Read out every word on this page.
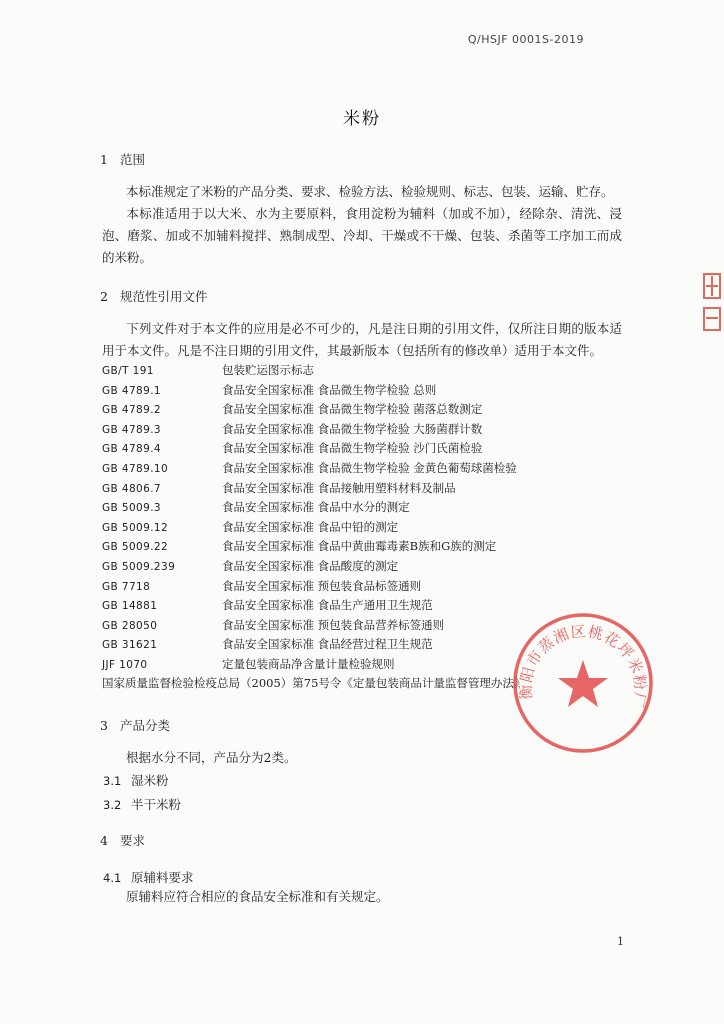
Q/HSJF 0001S-2019
米粉
1 范围
本标准规定了米粉的产品分类、要求、检验方法、检验规则、标志、包装、运输、贮存。
本标准适用于以大米、水为主要原料，食用淀粉为辅料（加或不加），经除杂、清洗、浸泡、磨浆、加或不加辅料搅拌、熟制成型、冷却、干燥或不干燥、包装、杀菌等工序加工而成的米粉。
2 规范性引用文件
下列文件对于本文件的应用是必不可少的，凡是注日期的引用文件，仅所注日期的版本适用于本文件。凡是不注日期的引用文件，其最新版本（包括所有的修改单）适用于本文件。
GB/T 191	包装贮运图示标志
GB 4789.1	食品安全国家标准 食品微生物学检验 总则
GB 4789.2	食品安全国家标准 食品微生物学检验 菌落总数测定
GB 4789.3	食品安全国家标准 食品微生物学检验 大肠菌群计数
GB 4789.4	食品安全国家标准 食品微生物学检验 沙门氏菌检验
GB 4789.10	食品安全国家标准 食品微生物学检验 金黄色葡萄球菌检验
GB 4806.7	食品安全国家标准 食品接触用塑料材料及制品
GB 5009.3	食品安全国家标准 食品中水分的测定
GB 5009.12	食品安全国家标准 食品中铅的测定
GB 5009.22	食品安全国家标准 食品中黄曲霉毒素B族和G族的测定
GB 5009.239	食品安全国家标准 食品酸度的测定
GB 7718	食品安全国家标准 预包装食品标签通则
GB 14881	食品安全国家标准 食品生产通用卫生规范
GB 28050	食品安全国家标准 预包装食品营养标签通则
GB 31621	食品安全国家标准 食品经营过程卫生规范
JJF 1070	定量包装商品净含量计量检验规则
国家质量监督检验检疫总局（2005）第75号令《定量包装商品计量监督管理办法》
3 产品分类
根据水分不同，产品分为2类。
3.1 湿米粉
3.2 半干米粉
4 要求
4.1 原辅料要求
原辅料应符合相应的食品安全标准和有关规定。
1
衡阳市蒸湘区桃花坪米粉厂
